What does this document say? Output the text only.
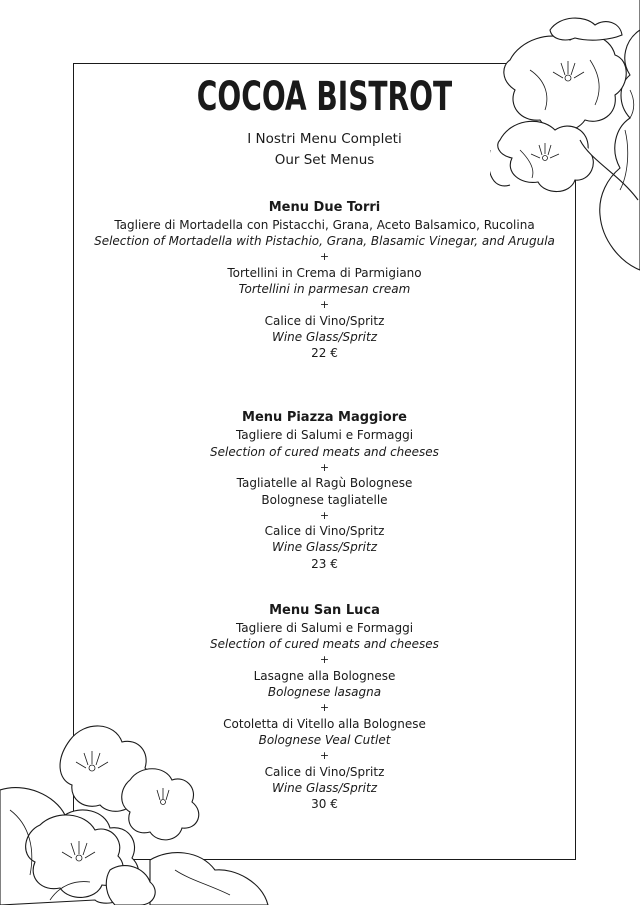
COCOA BISTROT
I Nostri Menu Completi
Our Set Menus
Menu Due Torri
Tagliere di Mortadella con Pistacchi, Grana, Aceto Balsamico, Rucolina
Selection of Mortadella with Pistachio, Grana, Blasamic Vinegar, and Arugula
+
Tortellini in Crema di Parmigiano
Tortellini in parmesan cream
+
Calice di Vino/Spritz
Wine Glass/Spritz
22 €
Menu Piazza Maggiore
Tagliere di Salumi e Formaggi
Selection of cured meats and cheeses
+
Tagliatelle al Ragù Bolognese
Bolognese tagliatelle
+
Calice di Vino/Spritz
Wine Glass/Spritz
23 €
Menu San Luca
Tagliere di Salumi e Formaggi
Selection of cured meats and cheeses
+
Lasagne alla Bolognese
Bolognese lasagna
+
Cotoletta di Vitello alla Bolognese
Bolognese Veal Cutlet
+
Calice di Vino/Spritz
Wine Glass/Spritz
30 €
